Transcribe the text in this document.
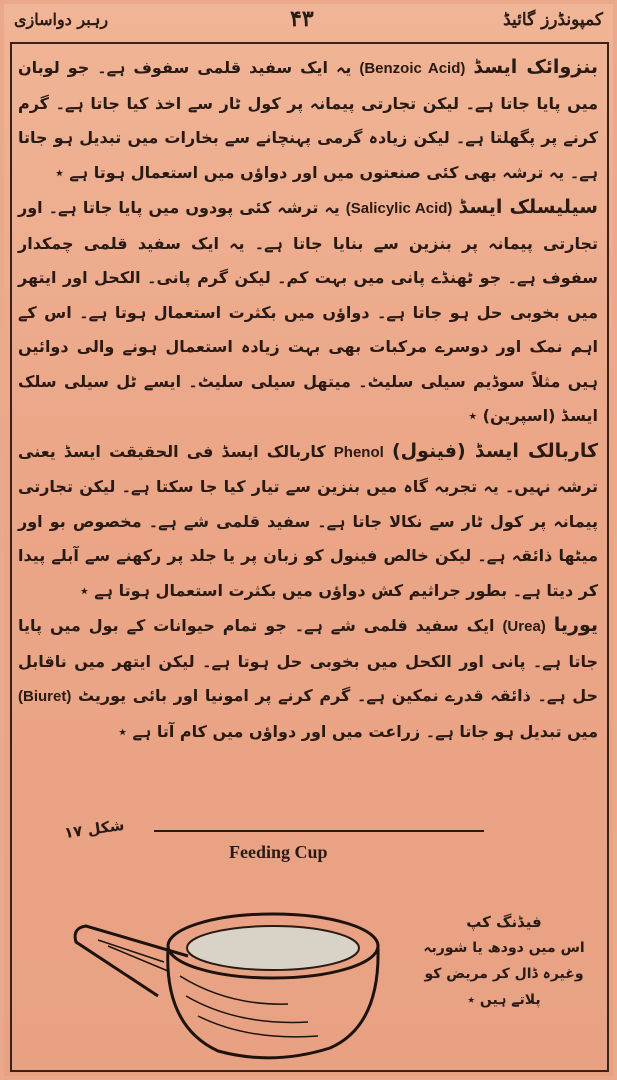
کمپونڈرز گائیڈ
۴۳
رہبر دواسازی

بنزوائک ایسڈ (Benzoic Acid) یہ ایک سفید قلمی سفوف ہے۔ جو لوبان میں پایا جاتا ہے۔ لیکن تجارتی پیمانہ پر کول ٹار سے اخذ کیا جاتا ہے۔ گرم کرنے پر پگھلتا ہے۔ لیکن زیادہ گرمی پہنچانے سے بخارات میں تبدیل ہو جاتا ہے۔ یہ ترشہ بھی کئی صنعتوں میں اور دواؤں میں استعمال ہوتا ہے ٭

سیلیسلک ایسڈ (Salicylic Acid) یہ ترشہ کئی پودوں میں پایا جاتا ہے۔ اور تجارتی پیمانہ پر بنزین سے بنایا جاتا ہے۔ یہ ایک سفید قلمی چمکدار سفوف ہے۔ جو ٹھنڈے پانی میں بہت کم۔ لیکن گرم پانی۔ الکحل اور ایتھر میں بخوبی حل ہو جاتا ہے۔ دواؤں میں بکثرت استعمال ہوتا ہے۔ اس کے اہم نمک اور دوسرے مرکبات بھی بہت زیادہ استعمال ہونے والی دوائیں ہیں مثلاً سوڈیم سیلی سلیٹ۔ میتھل سیلی سلیٹ۔ ایسے ٹل سیلی سلک ایسڈ (اسپرین) ٭

کاربالک ایسڈ (فینول) Phenol کاربالک ایسڈ فی الحقیقت ایسڈ یعنی ترشہ نہیں۔ یہ تجربہ گاہ میں بنزین سے تیار کیا جا سکتا ہے۔ لیکن تجارتی پیمانہ پر کول ٹار سے نکالا جاتا ہے۔ سفید قلمی شے ہے۔ مخصوص بو اور میٹھا ذائقہ ہے۔ لیکن خالص فینول کو زبان پر یا جلد پر رکھنے سے آبلے پیدا کر دیتا ہے۔ بطور جراثیم کش دواؤں میں بکثرت استعمال ہوتا ہے ٭

یوریا (Urea) ایک سفید قلمی شے ہے۔ جو تمام حیوانات کے بول میں پایا جاتا ہے۔ پانی اور الکحل میں بخوبی حل ہوتا ہے۔ لیکن ایتھر میں ناقابل حل ہے۔ ذائقہ قدرے نمکین ہے۔ گرم کرنے پر امونیا اور بائی یوریٹ (Biuret) میں تبدیل ہو جاتا ہے۔ زراعت میں اور دواؤں میں کام آتا ہے ٭

شکل ۱۷
Feeding Cup
فیڈنگ کپ
اس میں دودھ یا شوربہ وغیرہ ڈال کر مریض کو پلاتے ہیں ٭
